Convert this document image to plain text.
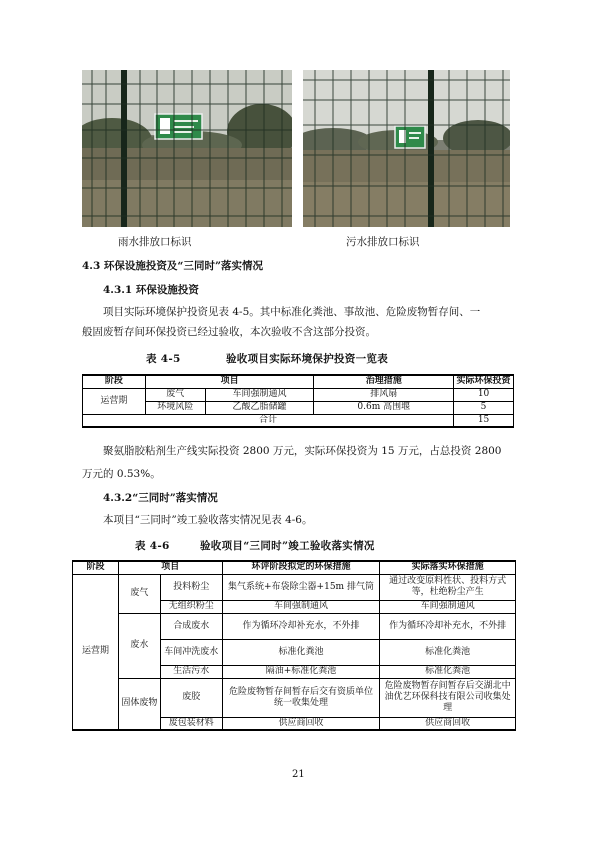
雨水排放口标识	污水排放口标识
4.3 环保设施投资及“三同时”落实情况
4.3.1 环保设施投资
项目实际环境保护投资见表 4-5。其中标准化粪池、事故池、危险废物暂存间、一
般固废暂存间环保投资已经过验收，本次验收不含这部分投资。
表 4-5	验收项目实际环境保护投资一览表
阶段	项目		治理措施	实际环保投资
运营期	废气	车间强制通风	排风扇	10
	环境风险	乙酸乙脂储罐	0.6m 高围堰	5
合计				15
聚氨脂胶粘剂生产线实际投资 2800 万元，实际环保投资为 15 万元，占总投资 2800
万元的 0.53%。
4.3.2“三同时”落实情况
本项目“三同时”竣工验收落实情况见表 4-6。
表 4-6	验收项目“三同时”竣工验收落实情况
阶段	项目		环评阶段拟定的环保措施	实际落实环保措施
运营期	废气	投料粉尘	集气系统+布袋除尘器+15m 排气筒	通过改变原料性状、投料方式等，杜绝粉尘产生
		无组织粉尘	车间强制通风	车间强制通风
	废水	合成废水	作为循环冷却补充水，不外排	作为循环冷却补充水，不外排
		车间冲洗废水	标准化粪池	标准化粪池
		生活污水	隔油+标准化粪池	标准化粪池
	固体废物	废胶	危险废物暂存间暂存后交有资质单位统一收集处理	危险废物暂存间暂存后交湖北中油优艺环保科技有限公司收集处理
		废包装材料	供应商回收	供应商回收
21
